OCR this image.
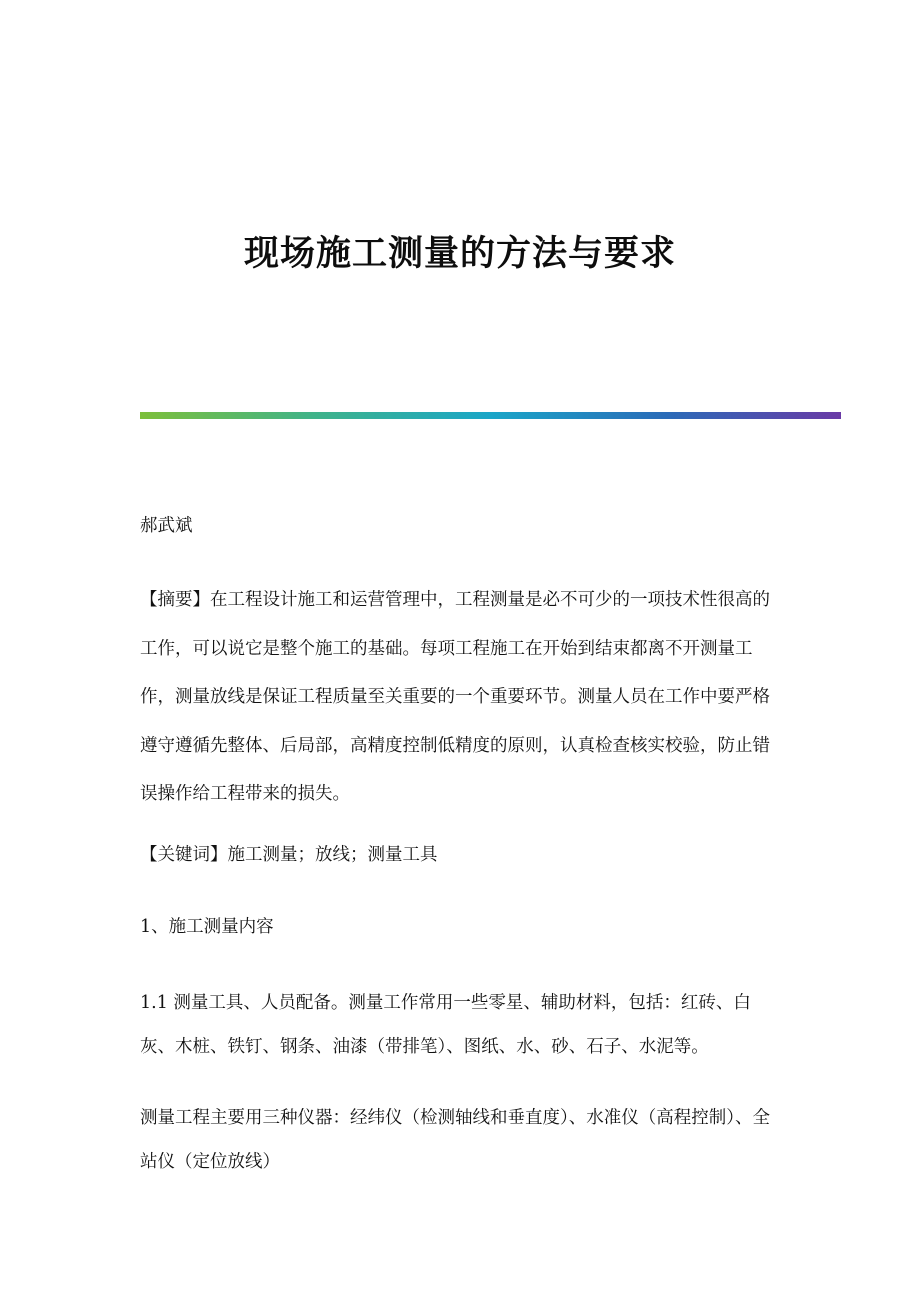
现场施工测量的方法与要求
郝武斌
【摘要】在工程设计施工和运营管理中，工程测量是必不可少的一项技术性很高的工作，可以说它是整个施工的基础。每项工程施工在开始到结束都离不开测量工作，测量放线是保证工程质量至关重要的一个重要环节。测量人员在工作中要严格遵守遵循先整体、后局部，高精度控制低精度的原则，认真检查核实校验，防止错误操作给工程带来的损失。
【关键词】施工测量；放线；测量工具
1、施工测量内容
1.1 测量工具、人员配备。测量工作常用一些零星、辅助材料，包括：红砖、白灰、木桩、铁钉、钢条、油漆（带排笔）、图纸、水、砂、石子、水泥等。
测量工程主要用三种仪器：经纬仪（检测轴线和垂直度）、水准仪（高程控制）、全站仪（定位放线）
